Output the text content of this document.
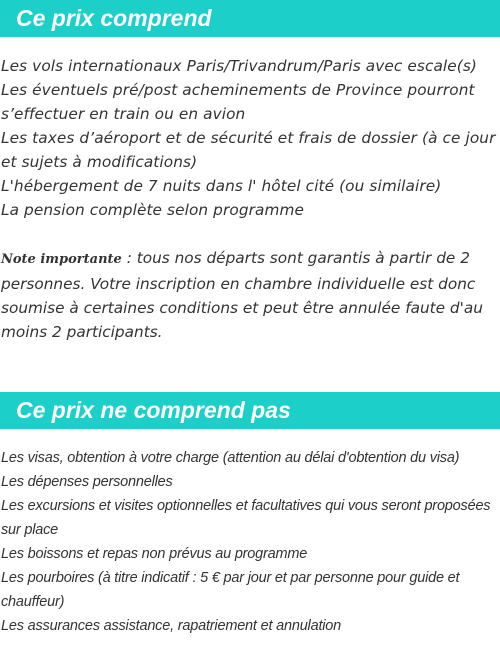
Ce prix comprend

Les vols internationaux Paris/Trivandrum/Paris avec escale(s)

Les éventuels pré/post acheminements de Province pourront s’effectuer en train ou en avion

Les taxes d’aéroport et de sécurité et frais de dossier (à ce jour et sujets à modifications)

L'hébergement de 7 nuits dans l' hôtel cité (ou similaire)

La pension complète selon programme

Note importante : tous nos départs sont garantis à partir de 2 personnes. Votre inscription en chambre individuelle est donc soumise à certaines conditions et peut être annulée faute d'au moins 2 participants.
Ce prix ne comprend pas

Les visas, obtention à votre charge (attention au délai d'obtention du visa)

Les dépenses personnelles

Les excursions et visites optionnelles et facultatives qui vous seront proposées sur place

Les boissons et repas non prévus au programme

Les pourboires (à titre indicatif : 5 € par jour et par personne pour guide et chauffeur)

Les assurances assistance, rapatriement et annulation
